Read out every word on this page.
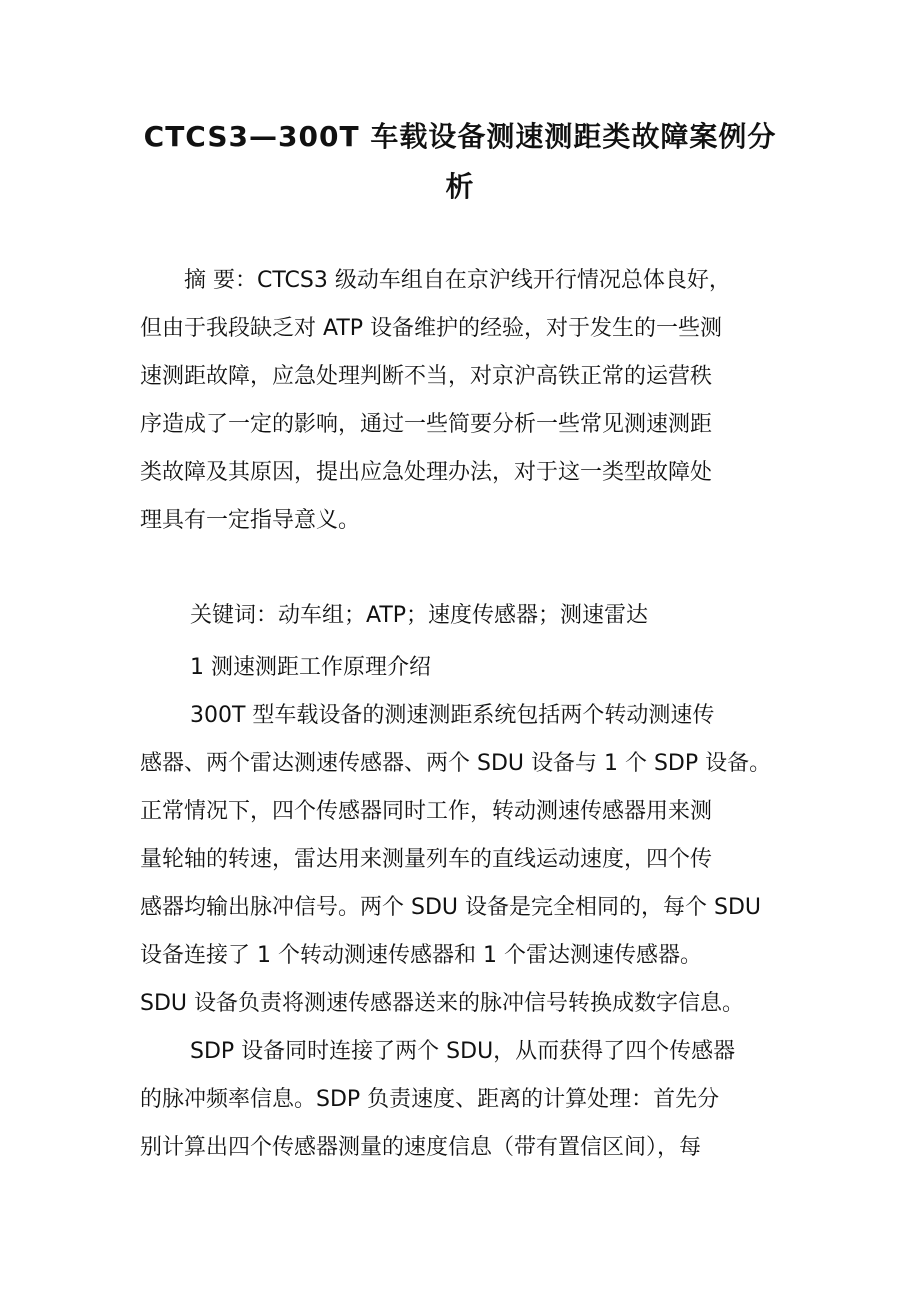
CTCS3—300T 车载设备测速测距类故障案例分
析
　　摘 要：CTCS3 级动车组自在京沪线开行情况总体良好，
但由于我段缺乏对 ATP 设备维护的经验，对于发生的一些测
速测距故障，应急处理判断不当，对京沪高铁正常的运营秩
序造成了一定的影响，通过一些简要分析一些常见测速测距
类故障及其原因，提出应急处理办法，对于这一类型故障处
理具有一定指导意义。
关键词：动车组；ATP；速度传感器；测速雷达
1 测速测距工作原理介绍
300T 型车载设备的测速测距系统包括两个转动测速传
感器、两个雷达测速传感器、两个 SDU 设备与 1 个 SDP 设备。
正常情况下，四个传感器同时工作，转动测速传感器用来测
量轮轴的转速，雷达用来测量列车的直线运动速度，四个传
感器均输出脉冲信号。两个 SDU 设备是完全相同的，每个 SDU
设备连接了 1 个转动测速传感器和 1 个雷达测速传感器。
SDU 设备负责将测速传感器送来的脉冲信号转换成数字信息。
SDP 设备同时连接了两个 SDU，从而获得了四个传感器
的脉冲频率信息。SDP 负责速度、距离的计算处理：首先分
别计算出四个传感器测量的速度信息（带有置信区间），每
